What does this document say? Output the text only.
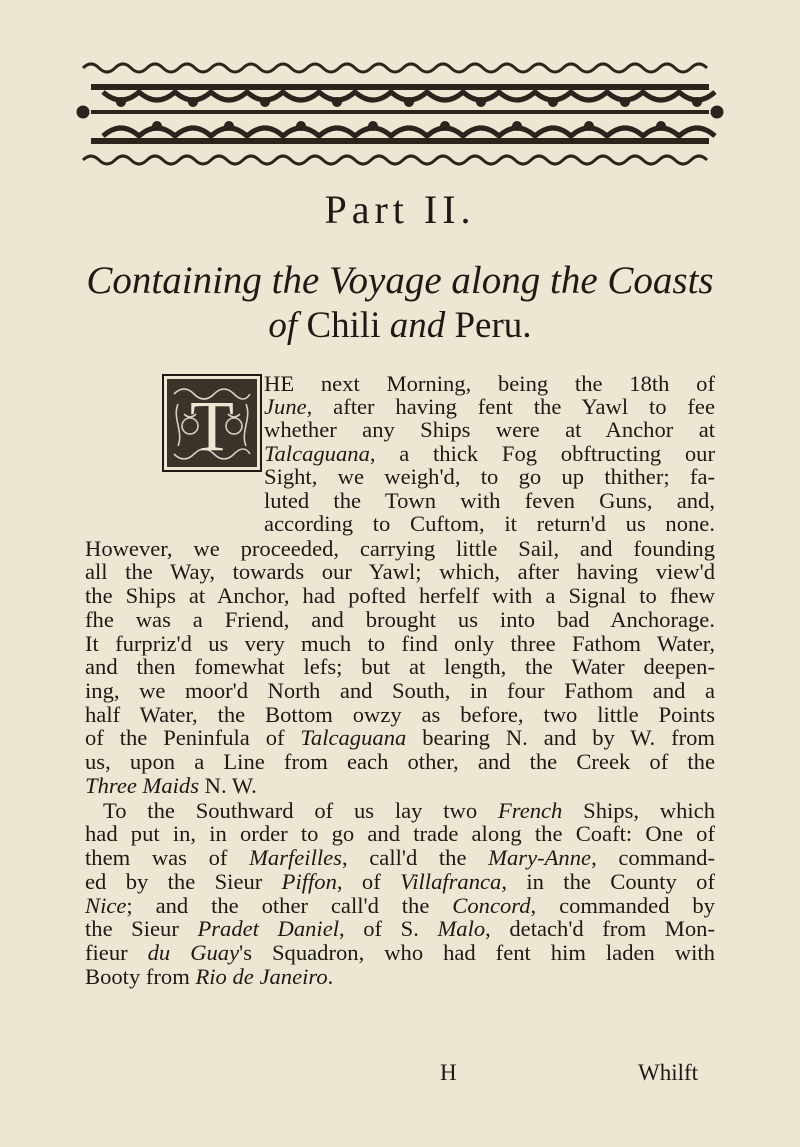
Part II.
Containing the Voyage along the Coasts
of Chili and Peru.
T
HE next Morning, being the 18th of
June, after having fent the Yawl to fee
whether any Ships were at Anchor at
Talcaguana, a thick Fog obftructing our
Sight, we weigh'd, to go up thither; fa-
luted the Town with feven Guns, and,
according to Cuftom, it return'd us none.
However, we proceeded, carrying little Sail, and founding
all the Way, towards our Yawl; which, after having view'd
the Ships at Anchor, had pofted herfelf with a Signal to fhew
fhe was a Friend, and brought us into bad Anchorage.
It furpriz'd us very much to find only three Fathom Water,
and then fomewhat lefs; but at length, the Water deepen-
ing, we moor'd North and South, in four Fathom and a
half Water, the Bottom owzy as before, two little Points
of the Peninfula of Talcaguana bearing N. and by W. from
us, upon a Line from each other, and the Creek of the
Three Maids N. W.
To the Southward of us lay two French Ships, which
had put in, in order to go and trade along the Coaft: One of
them was of Marfeilles, call'd the Mary-Anne, command-
ed by the Sieur Piffon, of Villafranca, in the County of
Nice; and the other call'd the Concord, commanded by
the Sieur Pradet Daniel, of S. Malo, detach'd from Mon-
fieur du Guay's Squadron, who had fent him laden with
Booty from Rio de Janeiro.
H	Whilft
